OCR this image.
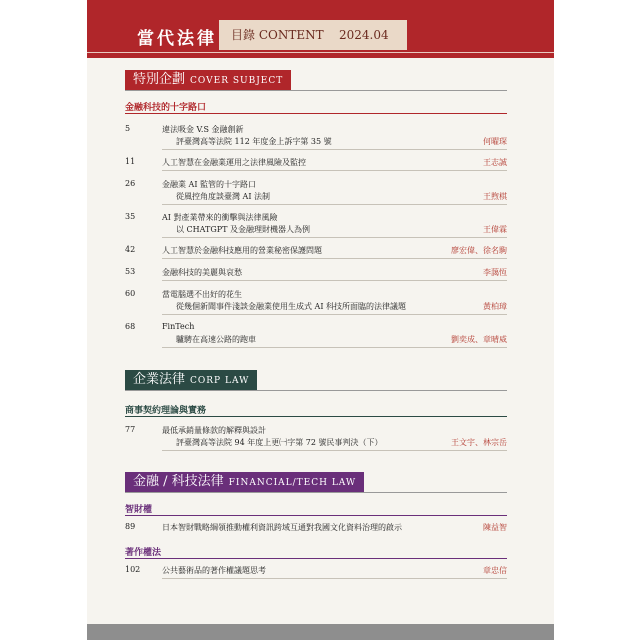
當代法律 目錄 CONTENT 2024.04
特別企劃 COVER SUBJECT
金融科技的十字路口
5	違法吸金 V.S 金融創新
評臺灣高等法院 112 年度金上訴字第 35 號	何曜琛
11	人工智慧在金融業運用之法律風險及監控	王志誠
26	金融業 AI 監管的十字路口
從風控角度談臺灣 AI 法制	王煦棋
35	AI 對產業帶來的衝擊與法律風險
以 CHATGPT 及金融理財機器人為例	王偉霖
42	人工智慧於金融科技應用的營業秘密保護問題	廖宏偉、徐名駒
53	金融科技的美麗與哀愁	李藹恆
60	當電腦選不出好的花生
從幾個新聞事件淺談金融業使用生成式 AI 科技所面臨的法律議題	黃柏璋
68	FinTech
驢騁在高速公路的跑車	劉奕成、章晴威
企業法律 CORP LAW
商事契約理論與實務
77	最低承銷量條款的解釋與設計
評臺灣高等法院 94 年度上更㈠字第 72 號民事判決（下）	王文宇、林宗岳
金融 / 科技法律 FINANCIAL/TECH LAW
智財權
89	日本智財戰略綱領推動權利資訊跨域互通對我國文化資料治理的啟示	陳益智
著作權法
102	公共藝術品的著作權議題思考	章忠信
